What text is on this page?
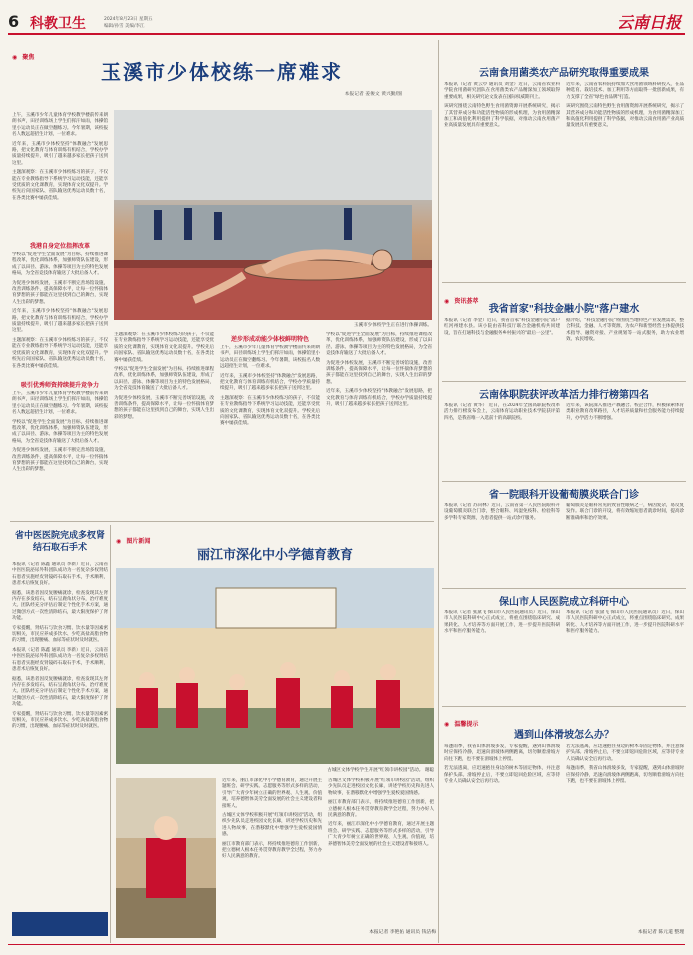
6 科教卫生	2024年8月23日 星期五
编辑/孙雪 美编/李江	云南日报
◉ 聚焦
玉溪市少体校练一席难求
本报记者 姜俊文 黄兴勤/图

上午，玉溪市少年儿童体育学校教学楼前传来朗朗书声，田径训练场上学生们挥汗如雨，体操馆里小运动员正在做空翻练习。今年暑期，该校报名人数远超招生计划，一位难求。

近年来，玉溪市少体校坚持"体教融合"发展思路，把文化教育与体育训练有机结合，学校办学质量持续提升，吸引了越来越多家长把孩子送到这里。

主题深观察：在玉溪市少体校练习的孩子，不仅能在专业教练指导下系统学习运动技能，还能享受优质的文化课教育，实现体育文化双提升。学校先后向国家队、省队输送优秀运动员数十名，在各类比赛中屡获佳绩。

我港自身定位指挥改革

学校以"促进学生全面发展"为目标，持续推进课程改革，优化训练体系，加强师资队伍建设，形成了以田径、游泳、体操等项目为主的特色发展格局，为全省竞技体育输送了大批后备人才。

为促进少体校发展，玉溪市不断完善场馆设施，改善训练条件，提高保障水平，让每一位怀揣体育梦想的孩子都能在这里找到自己的舞台，实现人生出彩的梦想。

近年来，玉溪市少体校坚持"体教融合"发展思路，把文化教育与体育训练有机结合，学校办学质量持续提升，吸引了越来越多家长把孩子送到这里。

主题深观察：在玉溪市少体校练习的孩子，不仅能在专业教练指导下系统学习运动技能，还能享受优质的文化课教育，实现体育文化双提升。学校先后向国家队、省队输送优秀运动员数十名，在各类比赛中屡获佳绩。

吸引优秀师资持续提升竞争力

上午，玉溪市少年儿童体育学校教学楼前传来朗朗书声，田径训练场上学生们挥汗如雨，体操馆里小运动员正在做空翻练习。今年暑期，该校报名人数远超招生计划，一位难求。

学校以"促进学生全面发展"为目标，持续推进课程改革，优化训练体系，加强师资队伍建设，形成了以田径、游泳、体操等项目为主的特色发展格局，为全省竞技体育输送了大批后备人才。

为促进少体校发展，玉溪市不断完善场馆设施，改善训练条件，提高保障水平，让每一位怀揣体育梦想的孩子都能在这里找到自己的舞台，实现人生出彩的梦想。

玉溪市少体校学生正在进行体操训练。

主题深观察：在玉溪市少体校练习的孩子，不仅能在专业教练指导下系统学习运动技能，还能享受优质的文化课教育，实现体育文化双提升。学校先后向国家队、省队输送优秀运动员数十名，在各类比赛中屡获佳绩。

学校以"促进学生全面发展"为目标，持续推进课程改革，优化训练体系，加强师资队伍建设，形成了以田径、游泳、体操等项目为主的特色发展格局，为全省竞技体育输送了大批后备人才。

为促进少体校发展，玉溪市不断完善场馆设施，改善训练条件，提高保障水平，让每一位怀揣体育梦想的孩子都能在这里找到自己的舞台，实现人生出彩的梦想。

逆步形成动能少体校鲜明特色

上午，玉溪市少年儿童体育学校教学楼前传来朗朗书声，田径训练场上学生们挥汗如雨，体操馆里小运动员正在做空翻练习。今年暑期，该校报名人数远超招生计划，一位难求。

近年来，玉溪市少体校坚持"体教融合"发展思路，把文化教育与体育训练有机结合，学校办学质量持续提升，吸引了越来越多家长把孩子送到这里。

主题深观察：在玉溪市少体校练习的孩子，不仅能在专业教练指导下系统学习运动技能，还能享受优质的文化课教育，实现体育文化双提升。学校先后向国家队、省队输送优秀运动员数十名，在各类比赛中屡获佳绩。

学校以"促进学生全面发展"为目标，持续推进课程改革，优化训练体系，加强师资队伍建设，形成了以田径、游泳、体操等项目为主的特色发展格局，为全省竞技体育输送了大批后备人才。

为促进少体校发展，玉溪市不断完善场馆设施，改善训练条件，提高保障水平，让每一位怀揣体育梦想的孩子都能在这里找到自己的舞台，实现人生出彩的梦想。

近年来，玉溪市少体校坚持"体教融合"发展思路，把文化教育与体育训练有机结合，学校办学质量持续提升，吸引了越来越多家长把孩子送到这里。

省中医医院完成多杈肾结石取石手术

本报讯（记者 陈鑫 通讯员 李新）近日，云南省中医医院泌尿外科团队成功为一名复杂多杈肾结石患者实施经皮肾镜碎石取石手术，手术顺利，患者术后恢复良好。

据悉，该患者因反复腰痛就诊，检查发现其左肾内存在多发结石，结石呈鹿角状分布，治疗难度大。团队经充分评估后制定个性化手术方案，通过微创方式一次性清除结石，最大限度保护了肾功能。

专家提醒，肾结石与饮食习惯、饮水量等因素密切相关，市民应养成多饮水、少吃高盐高脂食物的习惯，出现腰痛、血尿等症状时及时就医。

本报讯（记者 陈鑫 通讯员 李新）近日，云南省中医医院泌尿外科团队成功为一名复杂多杈肾结石患者实施经皮肾镜碎石取石手术，手术顺利，患者术后恢复良好。

据悉，该患者因反复腰痛就诊，检查发现其左肾内存在多发结石，结石呈鹿角状分布，治疗难度大。团队经充分评估后制定个性化手术方案，通过微创方式一次性清除结石，最大限度保护了肾功能。

专家提醒，肾结石与饮食习惯、饮水量等因素密切相关，市民应养成多饮水、少吃高盐高脂食物的习惯，出现腰痛、血尿等症状时及时就医。

◉ 图片新闻
丽江市深化中小学德育教育
古城区文体学校学生开展"红领巾讲校园"活动。 谢聪

近年来，丽江市深化中小学德育教育，通过开展主题班会、研学实践、志愿服务等形式多样的活动，引导广大青少年树立正确的世界观、人生观、价值观，培养德智体美劳全面发展的社会主义建设者和接班人。

古城区文体学校积极开展"红领巾讲校园"活动，组织少先队员走进校园文化长廊，讲述学校历史和先进人物故事，在潜移默化中增强学生爱校爱国情感。

丽江市教育部门表示，将持续推进德育工作创新，把立德树人根本任务贯穿教育教学全过程，努力办好人民满意的教育。

古城区文体学校积极开展"红领巾讲校园"活动，组织少先队员走进校园文化长廊，讲述学校历史和先进人物故事，在潜移默化中增强学生爱校爱国情感。

丽江市教育部门表示，将持续推进德育工作创新，把立德树人根本任务贯穿教育教学全过程，努力办好人民满意的教育。

近年来，丽江市深化中小学德育教育，通过开展主题班会、研学实践、志愿服务等形式多样的活动，引导广大青少年树立正确的世界观、人生观、价值观，培养德智体美劳全面发展的社会主义建设者和接班人。

云南食用菌类农产品研究取得重要成果

本报讯（记者 黄云亭 通讯员 刘金）近日，云南省农业科学院食用菌研究团队在食用菌类农产品精深加工领域取得重要成果，相关研究论文发表在国际权威期刊上。

该研究围绕云南特色野生食用菌资源开展系统研究，揭示了其营养成分和功能活性物质的形成机理，为食用菌精深加工和高值化利用提供了科学依据，对推动云南食用菌产业高质量发展具有重要意义。

近年来，云南省农科院持续加大食用菌领域科研投入，在品种选育、栽培技术、加工利用等方面取得一批创新成果，有力支撑了全省"绿色食品牌"打造。

该研究围绕云南特色野生食用菌资源开展系统研究，揭示了其营养成分和功能活性物质的形成机理，为食用菌精深加工和高值化利用提供了科学依据，对推动云南食用菌产业高质量发展具有重要意义。

◉ 资讯荟萃
我省首家"科技金融小院"落户建水

本报讯（记者 李金）近日，我省首家"科技金融小院"落户红河州建水县。该小院由省科技厅联合金融机构共同建设，旨在打通科技与金融服务乡村振兴的"最后一公里"。

据介绍，"科技金融小院"将围绕当地特色产业发展需求，整合科技、金融、人才等资源，为农户和新型经营主体提供技术指导、融资对接、产业规划等一站式服务，助力农业增效、农民增收。

云南体职院获评改革活力排行榜第四名

本报讯（记者 黄华） 近日，在2024年全国高职院校改革活力排行榜发布会上，云南体育运动职业技术学院获评第四名，是我省唯一入选前十的高职院校。

近年来，该院深入推进产教融合、校企合作，积极探索体育类职业教育改革路径，人才培养质量和社会服务能力持续提升，办学活力不断增强。

省一院眼科开设葡萄膜炎联合门诊

本报讯（记者 苏向林）近日，云南省第一人民医院眼科开设葡萄膜炎联合门诊，整合眼科、风湿免疫科、检验科等多学科专家资源，为患者提供一站式诊疗服务。

葡萄膜炎是眼科常见的致盲性眼病之一，病因复杂，易反复发作。联合门诊的开设，将有效缩短患者就诊时间，提高诊断准确率和治疗效果。

保山市人民医院成立科研中心

本报讯（记者 张黛飞 保山市人民医院通讯员）近日，保山市人民医院科研中心正式成立，将重点围绕临床研究、成果转化、人才培养等方面开展工作，进一步提升医院科研水平和医疗服务能力。

本报讯（记者 张黛飞 保山市人民医院通讯员）近日，保山市人民医院科研中心正式成立，将重点围绕临床研究、成果转化、人才培养等方面开展工作，进一步提升医院科研水平和医疗服务能力。

◉ 温馨提示
遇到山体滑坡怎么办？

每逢雨季，我省山体滑坡多发，专家提醒，遇到山体滑坡时应保持冷静，迅速向滑坡体两侧跑离，切勿顺着滑坡方向往下跑，也不要在滑坡体上停留。

若无法逃离，应迅速抱住身边的树木等固定物体，并注意保护头部。滑坡停止后，不要立即返回危险区域，应等待专业人员确认安全后再行动。

若无法逃离，应迅速抱住身边的树木等固定物体，并注意保护头部。滑坡停止后，不要立即返回危险区域，应等待专业人员确认安全后再行动。

每逢雨季，我省山体滑坡多发，专家提醒，遇到山体滑坡时应保持冷静，迅速向滑坡体两侧跑离，切勿顺着滑坡方向往下跑，也不要在滑坡体上停留。

本报记者 陈元道 整理
本报记者 李艳佑 通讯员 钱洁梅
